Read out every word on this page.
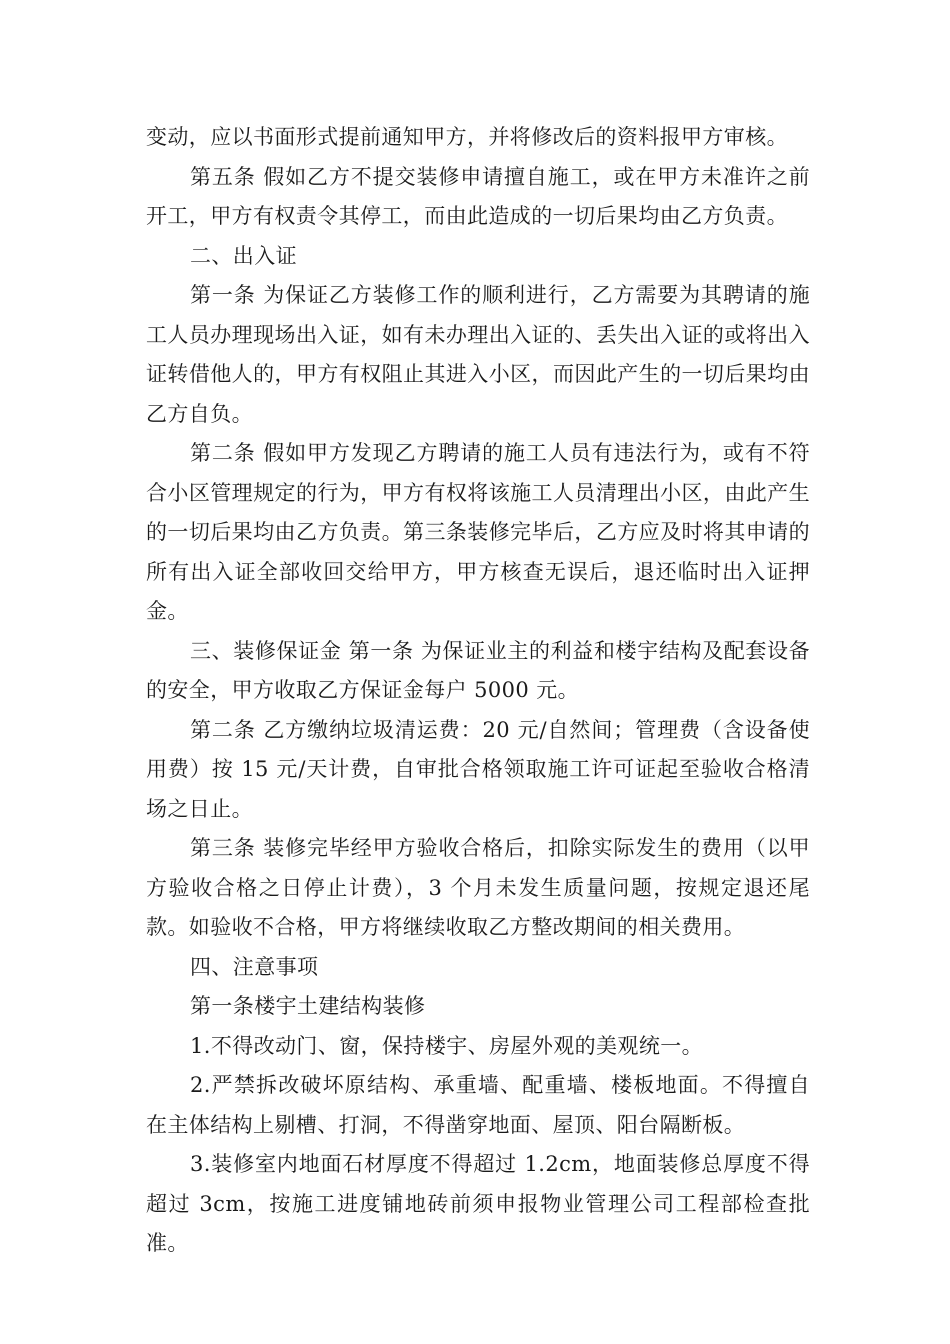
变动，应以书面形式提前通知甲方，并将修改后的资料报甲方审核。

第五条 假如乙方不提交装修申请擅自施工，或在甲方未准许之前开工，甲方有权责令其停工，而由此造成的一切后果均由乙方负责。

二、出入证

第一条 为保证乙方装修工作的顺利进行，乙方需要为其聘请的施工人员办理现场出入证，如有未办理出入证的、丢失出入证的或将出入证转借他人的，甲方有权阻止其进入小区，而因此产生的一切后果均由乙方自负。

第二条 假如甲方发现乙方聘请的施工人员有违法行为，或有不符合小区管理规定的行为，甲方有权将该施工人员清理出小区，由此产生的一切后果均由乙方负责。第三条装修完毕后，乙方应及时将其申请的所有出入证全部收回交给甲方，甲方核查无误后，退还临时出入证押金。

三、装修保证金 第一条 为保证业主的利益和楼宇结构及配套设备的安全，甲方收取乙方保证金每户 5000 元。

第二条 乙方缴纳垃圾清运费：20 元/自然间；管理费（含设备使用费）按 15 元/天计费，自审批合格领取施工许可证起至验收合格清场之日止。

第三条 装修完毕经甲方验收合格后，扣除实际发生的费用（以甲方验收合格之日停止计费），3 个月未发生质量问题，按规定退还尾款。如验收不合格，甲方将继续收取乙方整改期间的相关费用。

四、注意事项

第一条楼宇土建结构装修

1.不得改动门、窗，保持楼宇、房屋外观的美观统一。

2.严禁拆改破坏原结构、承重墙、配重墙、楼板地面。不得擅自在主体结构上剔槽、打洞，不得凿穿地面、屋顶、阳台隔断板。

3.装修室内地面石材厚度不得超过 1.2cm，地面装修总厚度不得超过 3cm，按施工进度铺地砖前须申报物业管理公司工程部检查批准。
